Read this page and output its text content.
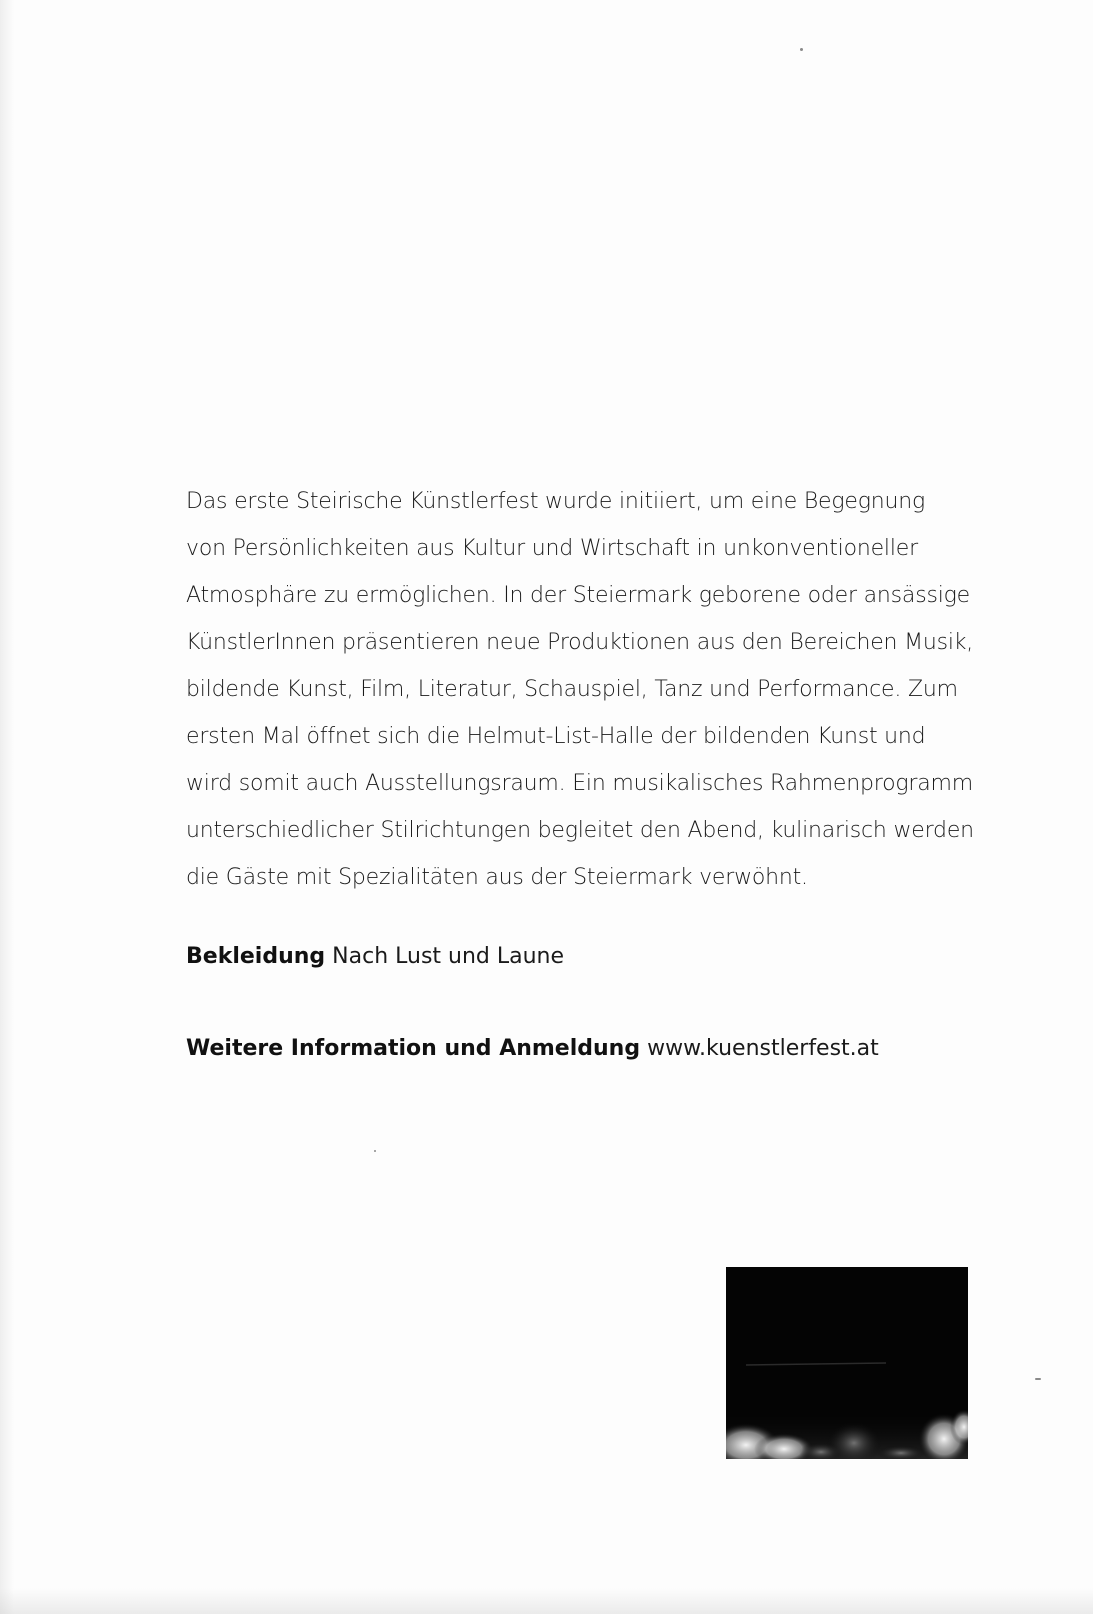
Das erste Steirische Künstlerfest wurde initiiert, um eine Begegnung
von Persönlichkeiten aus Kultur und Wirtschaft in unkonventioneller
Atmosphäre zu ermöglichen. In der Steiermark geborene oder ansässige
KünstlerInnen präsentieren neue Produktionen aus den Bereichen Musik,
bildende Kunst, Film, Literatur, Schauspiel, Tanz und Performance. Zum
ersten Mal öffnet sich die Helmut-List-Halle der bildenden Kunst und
wird somit auch Ausstellungsraum. Ein musikalisches Rahmenprogramm
unterschiedlicher Stilrichtungen begleitet den Abend, kulinarisch werden
die Gäste mit Spezialitäten aus der Steiermark verwöhnt.

Bekleidung Nach Lust und Laune

Weitere Information und Anmeldung www.kuenstlerfest.at
